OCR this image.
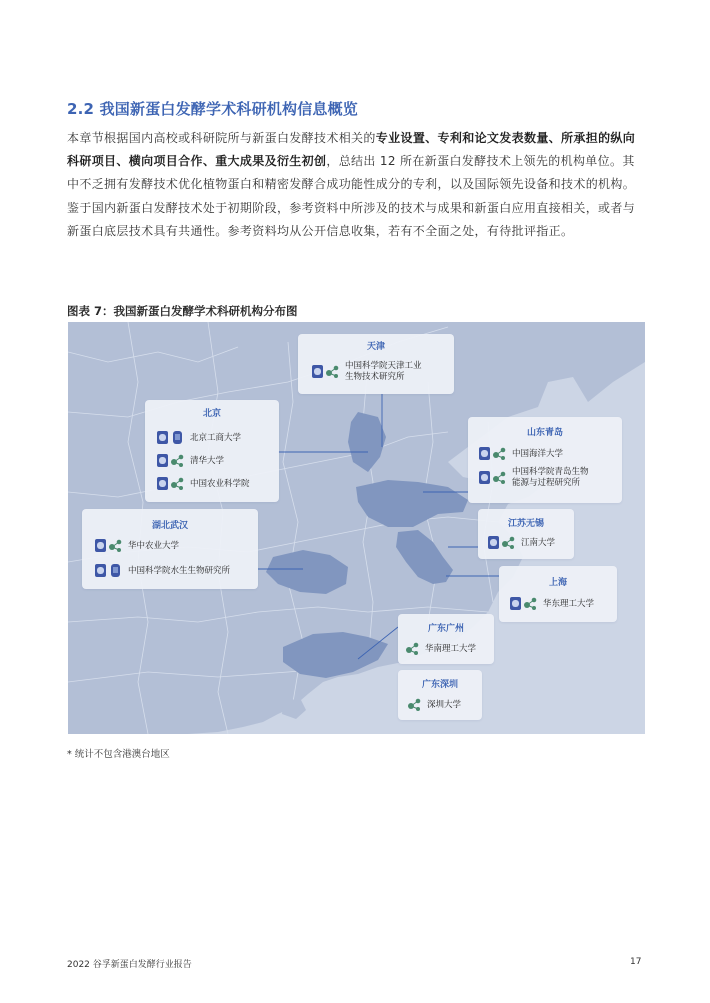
2.2 我国新蛋白发酵学术科研机构信息概览
本章节根据国内高校或科研院所与新蛋白发酵技术相关的专业设置、专利和论文发表数量、所承担的纵向科研项目、横向项目合作、重大成果及衍生初创，总结出 12 所在新蛋白发酵技术上领先的机构单位。其中不乏拥有发酵技术优化植物蛋白和精密发酵合成功能性成分的专利，以及国际领先设备和技术的机构。鉴于国内新蛋白发酵技术处于初期阶段，参考资料中所涉及的技术与成果和新蛋白应用直接相关，或者与新蛋白底层技术具有共通性。参考资料均从公开信息收集，若有不全面之处，有待批评指正。
图表 7：我国新蛋白发酵学术科研机构分布图
天津
中国科学院天津工业
生物技术研究所
北京
北京工商大学
清华大学
中国农业科学院
山东青岛
中国海洋大学
中国科学院青岛生物
能源与过程研究所
湖北武汉
华中农业大学
中国科学院水生生物研究所
江苏无锡
江南大学
上海
华东理工大学
广东广州
华南理工大学
广东深圳
深圳大学
* 统计不包含港澳台地区
2022 谷孚新蛋白发酵行业报告	17
